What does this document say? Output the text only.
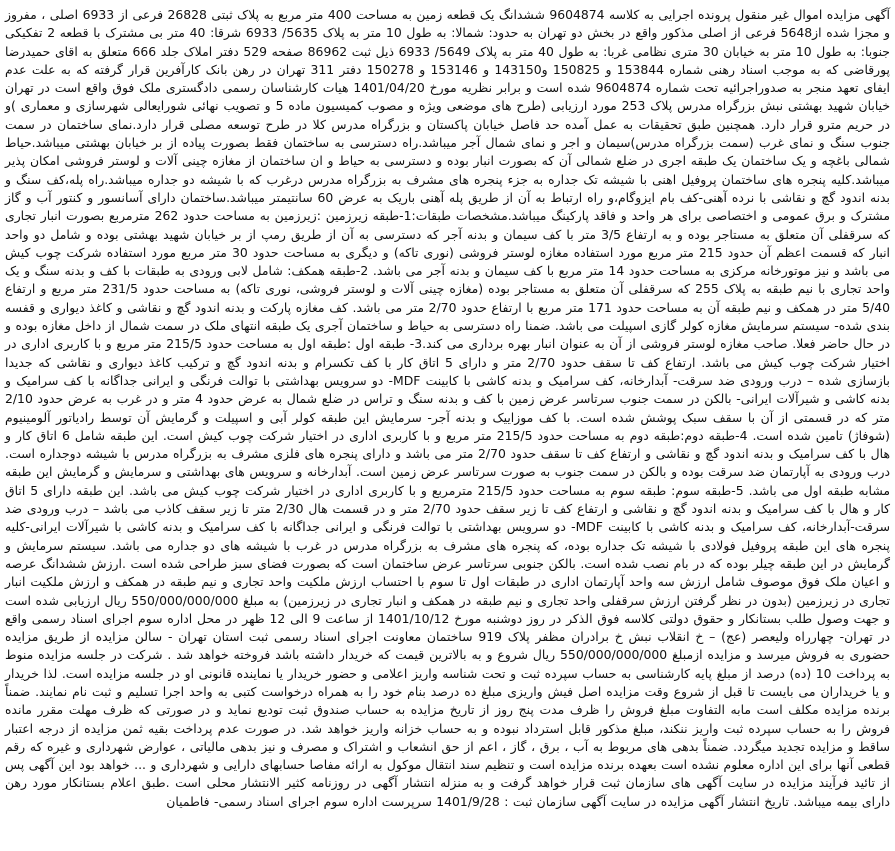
آگهی مزایده اموال غیر منقول پرونده اجرایی به کلاسه 9604874 ششدانگ یک قطعه زمین به مساحت 400 متر مربع به پلاک ثبتی 26828 فرعی از 6933 اصلی ، مفروز و مجزا شده از5648 فرعی از اصلی مذکور واقع در بخش دو تهران به حدود: شمالا: به طول 10 متر به پلاک 5635/ 6933 شرقا: 40 متر بی مشترک با قطعه 2 تفکیکی جنوبا: به طول 10 متر به خیابان 30 متری نظامی غربا: به طول 40 متر به پلاک 5649/ 6933 ذیل ثبت 86962 صفحه 529 دفتر املاک جلد 666 متعلق به اقای حمیدرضا پورقاضی که به موجب اسناد رهنی شماره 153844 و 150825 و143150 و 153146 و 150278 دفتر 311 تهران در رهن بانک کارآفرین قرار گرفته که به علت عدم ایفای تعهد منجر به صدوراجرائیه تحت شماره 9604874 شده است و برابر نظریه مورخ 1401/04/20 هیات کارشناسان رسمی دادگستری ملک فوق واقع است در تهران خیابان شهید بهشتی نبش بزرگراه مدرس پلاک 253 مورد ارزیابی (طرح های موضعی ویژه و مصوب کمیسیون ماده 5 و تصویب نهائی شورایعالی شهرسازی و معماری )و در حریم مترو قرار دارد. همچنین طبق تحقیقات به عمل آمده حد فاصل خیابان پاکستان و بزرگراه مدرس کلا در طرح توسعه مصلی قرار دارد.نمای ساختمان در سمت جنوب سنگ و نمای غرب (سمت بزرگراه مدرس)سیمان و اجر و نمای شمال آجر میباشد.راه دسترسی به ساختمان فقط بصورت پیاده از بر خیابان بهشتی میباشد.حیاط شمالی باغچه و یک ساختمان یک طبقه اجری در ضلع شمالی آن که بصورت انبار بوده و دسترسی به حیاط و ان ساختمان از مغازه چینی آلات و لوستر فروشی امکان پذیر میباشد.کلیه پنجره های ساختمان پروفیل اهنی با شیشه تک جداره به جزء پنجره های مشرف به بزرگراه مدرس درغرب که با شیشه دو جداره میباشد.راه پله،کف سنگ و بدنه اندود گچ و نقاشی با نرده آهنی-کف بام ایزوگام،و راه ارتباط به آن از طریق پله آهنی باریک به عرض 60 سانتیمتر میباشد.ساختمان دارای آسانسور و کنتور آب و گاز مشترک و برق عمومی و اختصاصی برای هر واحد و فاقد پارکینگ میباشد.مشخصات طبقات:1-طبقه زیرزمین :زیرزمین به مساحت حدود 262 مترمربع بصورت انبار تجاری که سرقفلی آن متعلق به مستاجر بوده و به ارتفاع 3/5 متر با کف سیمان و بدنه آجر که دسترسی به آن از طریق رمپ از بر خیابان شهید بهشتی بوده و شامل دو واحد انبار که قسمت اعظم آن حدود 215 متر مربع مورد استفاده مغازه لوستر فروشی (نوری تاکه) و دیگری به مساحت حدود 30 متر مربع مورد استفاده شرکت چوب کیش می باشد و نیز موتورخانه مرکزی به مساحت حدود 14 متر مربع با کف سیمان و بدنه آجر می باشد. 2-طبقه همکف: شامل لابی ورودی به طبقات با کف و بدنه سنگ و یک واحد تجاری با نیم طبقه به پلاک 255 که سرقفلی آن متعلق به مستاجر بوده (مغازه چینی آلات و لوستر فروشی، نوری تاکه) به مساحت حدود 231/5 متر مربع و ارتفاع 5/40 متر در همکف و نیم طبقه آن به مساحت حدود 171 متر مربع با ارتفاع حدود 2/70 متر می باشد. کف مغازه پارکت و بدنه اندود گچ و نقاشی و کاغذ دیواری و قفسه بندی شده- سیستم سرمایش مغازه کولر گازی اسپیلت می باشد. ضمنا راه دسترسی به حیاط و ساختمان آجری یک طبقه انتهای ملک در سمت شمال از داخل مغازه بوده و در حال حاضر فعلا. صاحب مغازه لوستر فروشی از آن به عنوان انبار بهره برداری می کند.3- طبقه اول :طبقه اول به مساحت حدود 215/5 متر مربع و با کاربری اداری در اختیار شرکت چوب کیش می باشد. ارتفاع کف تا سقف حدود 2/70 متر و دارای 5 اتاق کار با کف تکسرام و بدنه اندود گچ و ترکیب کاغذ دیواری و نقاشی که جدیدا بازسازی شده – درب ورودی ضد سرقت- آبدارخانه، کف سرامیک و بدنه کاشی با کابینت MDF- دو سرویس بهداشتی با توالت فرنگی و ایرانی جداگانه با کف سرامیک و بدنه کاشی و شیرآلات ایرانی- بالکن در سمت جنوب سرتاسر عرض زمین با کف و بدنه سنگ و تراس در ضلع شمال به عرض حدود 4 متر و در غرب به عرض حدود 2/10 متر که در قسمتی از آن با سقف سبک پوشش شده است. با کف موزاییک و بدنه آجر- سرمایش این طبقه کولر آبی و اسپیلت و گرمایش آن توسط رادیاتور آلومینیوم (شوفاژ) تامین شده است. 4-طبقه دوم:طبقه دوم به مساحت حدود 215/5 متر مربع و با کاربری اداری در اختیار شرکت چوب کیش است. این طبقه شامل 6 اتاق کار و هال با کف سرامیک و بدنه اندود گچ و نقاشی و ارتفاع کف تا سقف حدود 2/70 متر می باشد و دارای پنجره های فلزی مشرف به بزرگراه مدرس با شیشه دوجداره است. درب ورودی به آپارتمان ضد سرقت بوده و بالکن در سمت جنوب به صورت سرتاسر عرض زمین است. آبدارخانه و سرویس های بهداشتی و سرمایش و گرمایش این طبقه مشابه طبقه اول می باشد. 5-طبقه سوم: طبقه سوم به مساحت حدود 215/5 مترمربع و با کاربری اداری در اختیار شرکت چوب کیش می باشد. این طبقه دارای 5 اتاق کار و هال با کف سرامیک و بدنه اندود گچ و نقاشی و ارتفاع کف تا زیر سقف حدود 2/70 متر و در قسمت هال 2/30 متر تا زیر سقف کاذب می باشد – درب ورودی ضد سرقت-آبدارخانه، کف سرامیک و بدنه کاشی با کابینت MDF- دو سرویس بهداشتی با توالت فرنگی و ایرانی جداگانه با کف سرامیک و بدنه کاشی با شیرآلات ایرانی-کلیه پنجره های این طبقه پروفیل فولادی با شیشه تک جداره بوده، که پنجره های مشرف به بزرگراه مدرس در غرب با شیشه های دو جداره می باشد. سیستم سرمایش و گرمایش در این طبقه چیلر بوده که در بام نصب شده است. بالکن جنوبی سرتاسر عرض ساختمان است که بصورت فضای سبز طراحی شده است .ارزش ششدانگ عرصه و اعیان ملک فوق موصوف شامل ارزش سه واحد آپارتمان اداری در طبقات اول تا سوم با احتساب ارزش ملکیت واحد تجاری و نیم طبقه در همکف و ارزش ملکیت انبار تجاری در زیرزمین (بدون در نظر گرفتن ارزش سرقفلی واحد تجاری و نیم طبقه در همکف و انبار تجاری در زیرزمین) به مبلغ 550/000/000/000 ریال ارزیابی شده است و جهت وصول طلب بستانکار و حقوق دولتی کلاسه فوق الذکر در روز دوشنبه مورخ 1401/10/12 از ساعت 9 الی 12 ظهر در محل اداره سوم اجرای اسناد رسمی واقع در تهران- چهارراه ولیعصر (عج) – خ انقلاب نبش خ برادران مظفر پلاک 919 ساختمان معاونت اجرای اسناد رسمی ثبت استان تهران - سالن مزایده از طریق مزایده حضوری به فروش میرسد و مزایده ازمبلغ 550/000/000/000 ریال شروع و به بالاترین قیمت که خریدار داشته باشد فروخته خواهد شد . شرکت در جلسه مزایده منوط به پرداخت 10 (ده) درصد از مبلغ پایه کارشناسی به حساب سپرده ثبت و تحت شناسه واریز اعلامی و حضور خریدار یا نماینده قانونی او در جلسه مزایده است. لذا خریدار و یا خریداران می بایست تا قبل از شروع وقت مزایده اصل فیش واریزی مبلغ ده درصد بنام خود را به همراه درخواست کتبی به واحد اجرا تسلیم و ثبت نام نمایند. ضمناً برنده مزایده مکلف است مابه التفاوت مبلغ فروش را ظرف مدت پنج روز از تاریخ مزایده به حساب صندوق ثبت تودیع نماید و در صورتی که ظرف مهلت مقرر مانده فروش را به حساب سپرده ثبت واریز ننکند، مبلغ مذکور قابل استرداد نبوده و به حساب خزانه واریز خواهد شد. در صورت عدم پرداخت بقیه ثمن مزایده از درجه اعتبار ساقط و مزایده تجدید میگردد. ضمناً بدهی های مربوط به آب ، برق ، گاز ، اعم از حق انشعاب و اشتراک و مصرف و نیز بدهی مالیاتی ، عوارض شهرداری و غیره که رقم قطعی آنها برای این اداره معلوم نشده است بعهده برنده مزایده است و تنظیم سند انتقال موکول به ارائه مفاصا حسابهای دارایی و شهرداری و ... خواهد بود این آگهی پس از تائید فرآیند مزایده در سایت آگهی های سازمان ثبت قرار خواهد گرفت و به منزله انتشار آگهی در روزنامه کثیر الانتشار محلی است .طبق اعلام بستانکار مورد رهن دارای بیمه میباشد. تاریخ انتشار آگهی مزایده در سایت آگهی سازمان ثبت : 1401/9/28 سرپرست اداره سوم اجرای اسناد رسمی- فاطمیان
